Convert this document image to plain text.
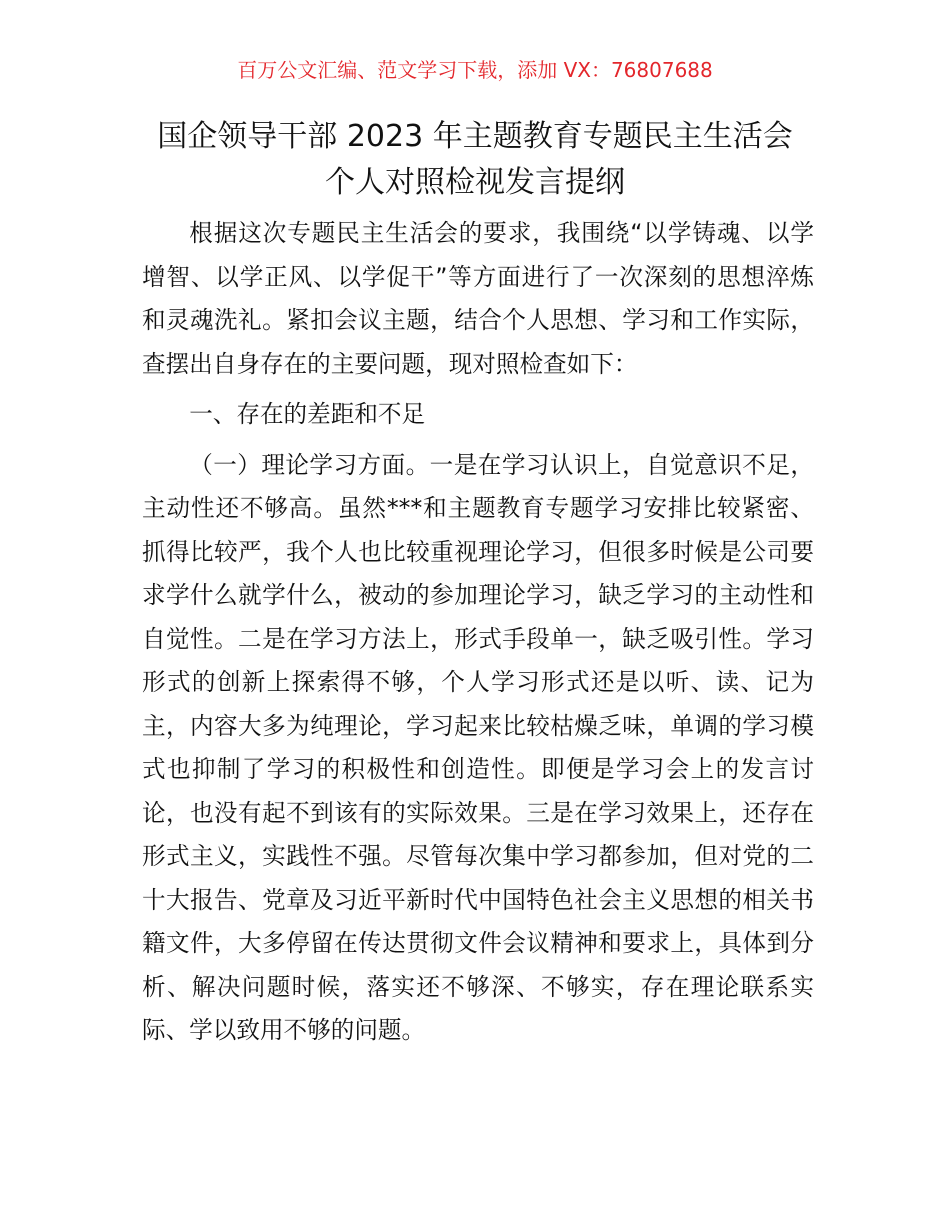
百万公文汇编、范文学习下载，添加 VX：76807688
国企领导干部 2023 年主题教育专题民主生活会
个人对照检视发言提纲

根据这次专题民主生活会的要求，我围绕“以学铸魂、以学增智、以学正风、以学促干”等方面进行了一次深刻的思想淬炼和灵魂洗礼。紧扣会议主题，结合个人思想、学习和工作实际，查摆出自身存在的主要问题，现对照检查如下：

一、存在的差距和不足

（一）理论学习方面。一是在学习认识上，自觉意识不足，主动性还不够高。虽然***和主题教育专题学习安排比较紧密、抓得比较严，我个人也比较重视理论学习，但很多时候是公司要求学什么就学什么，被动的参加理论学习，缺乏学习的主动性和自觉性。二是在学习方法上，形式手段单一，缺乏吸引性。学习形式的创新上探索得不够，个人学习形式还是以听、读、记为主，内容大多为纯理论，学习起来比较枯燥乏味，单调的学习模式也抑制了学习的积极性和创造性。即便是学习会上的发言讨论，也没有起不到该有的实际效果。三是在学习效果上，还存在形式主义，实践性不强。尽管每次集中学习都参加，但对党的二十大报告、党章及习近平新时代中国特色社会主义思想的相关书籍文件，大多停留在传达贯彻文件会议精神和要求上，具体到分析、解决问题时候，落实还不够深、不够实，存在理论联系实际、学以致用不够的问题。
